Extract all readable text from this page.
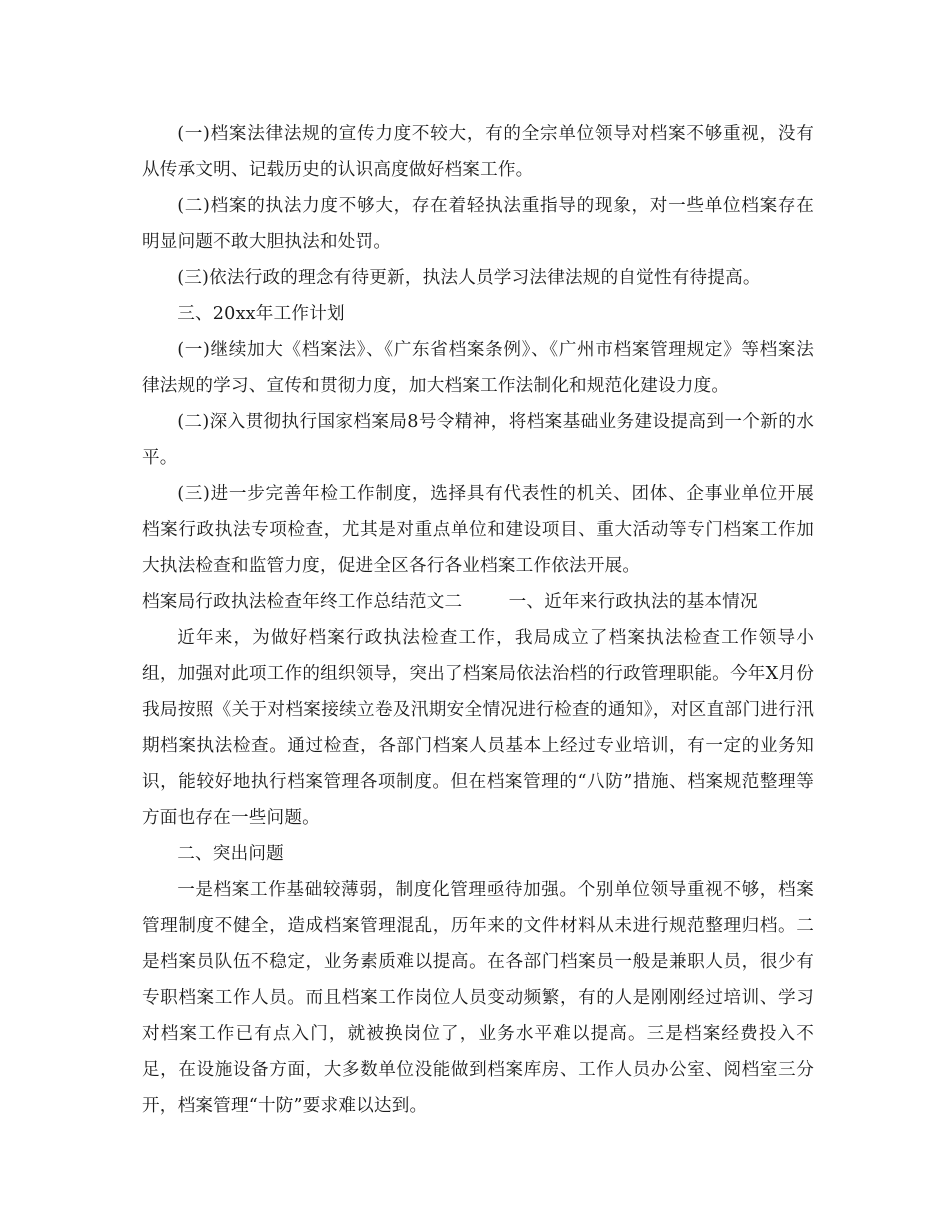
(一)档案法律法规的宣传力度不较大，有的全宗单位领导对档案不够重视，没有从传承文明、记载历史的认识高度做好档案工作。

(二)档案的执法力度不够大，存在着轻执法重指导的现象，对一些单位档案存在明显问题不敢大胆执法和处罚。

(三)依法行政的理念有待更新，执法人员学习法律法规的自觉性有待提高。

三、20xx年工作计划

(一)继续加大《档案法》、《广东省档案条例》、《广州市档案管理规定》等档案法律法规的学习、宣传和贯彻力度，加大档案工作法制化和规范化建设力度。

(二)深入贯彻执行国家档案局8号令精神，将档案基础业务建设提高到一个新的水平。

(三)进一步完善年检工作制度，选择具有代表性的机关、团体、企事业单位开展档案行政执法专项检查，尤其是对重点单位和建设项目、重大活动等专门档案工作加大执法检查和监管力度，促进全区各行各业档案工作依法开展。

档案局行政执法检查年终工作总结范文二        一、近年来行政执法的基本情况

近年来，为做好档案行政执法检查工作，我局成立了档案执法检查工作领导小组，加强对此项工作的组织领导，突出了档案局依法治档的行政管理职能。今年X月份我局按照《关于对档案接续立卷及汛期安全情况进行检查的通知》，对区直部门进行汛期档案执法检查。通过检查，各部门档案人员基本上经过专业培训，有一定的业务知识，能较好地执行档案管理各项制度。但在档案管理的“八防”措施、档案规范整理等方面也存在一些问题。

二、突出问题

一是档案工作基础较薄弱，制度化管理亟待加强。个别单位领导重视不够，档案管理制度不健全，造成档案管理混乱，历年来的文件材料从未进行规范整理归档。二是档案员队伍不稳定，业务素质难以提高。在各部门档案员一般是兼职人员，很少有专职档案工作人员。而且档案工作岗位人员变动频繁，有的人是刚刚经过培训、学习对档案工作已有点入门，就被换岗位了，业务水平难以提高。三是档案经费投入不足，在设施设备方面，大多数单位没能做到档案库房、工作人员办公室、阅档室三分开，档案管理“十防”要求难以达到。
